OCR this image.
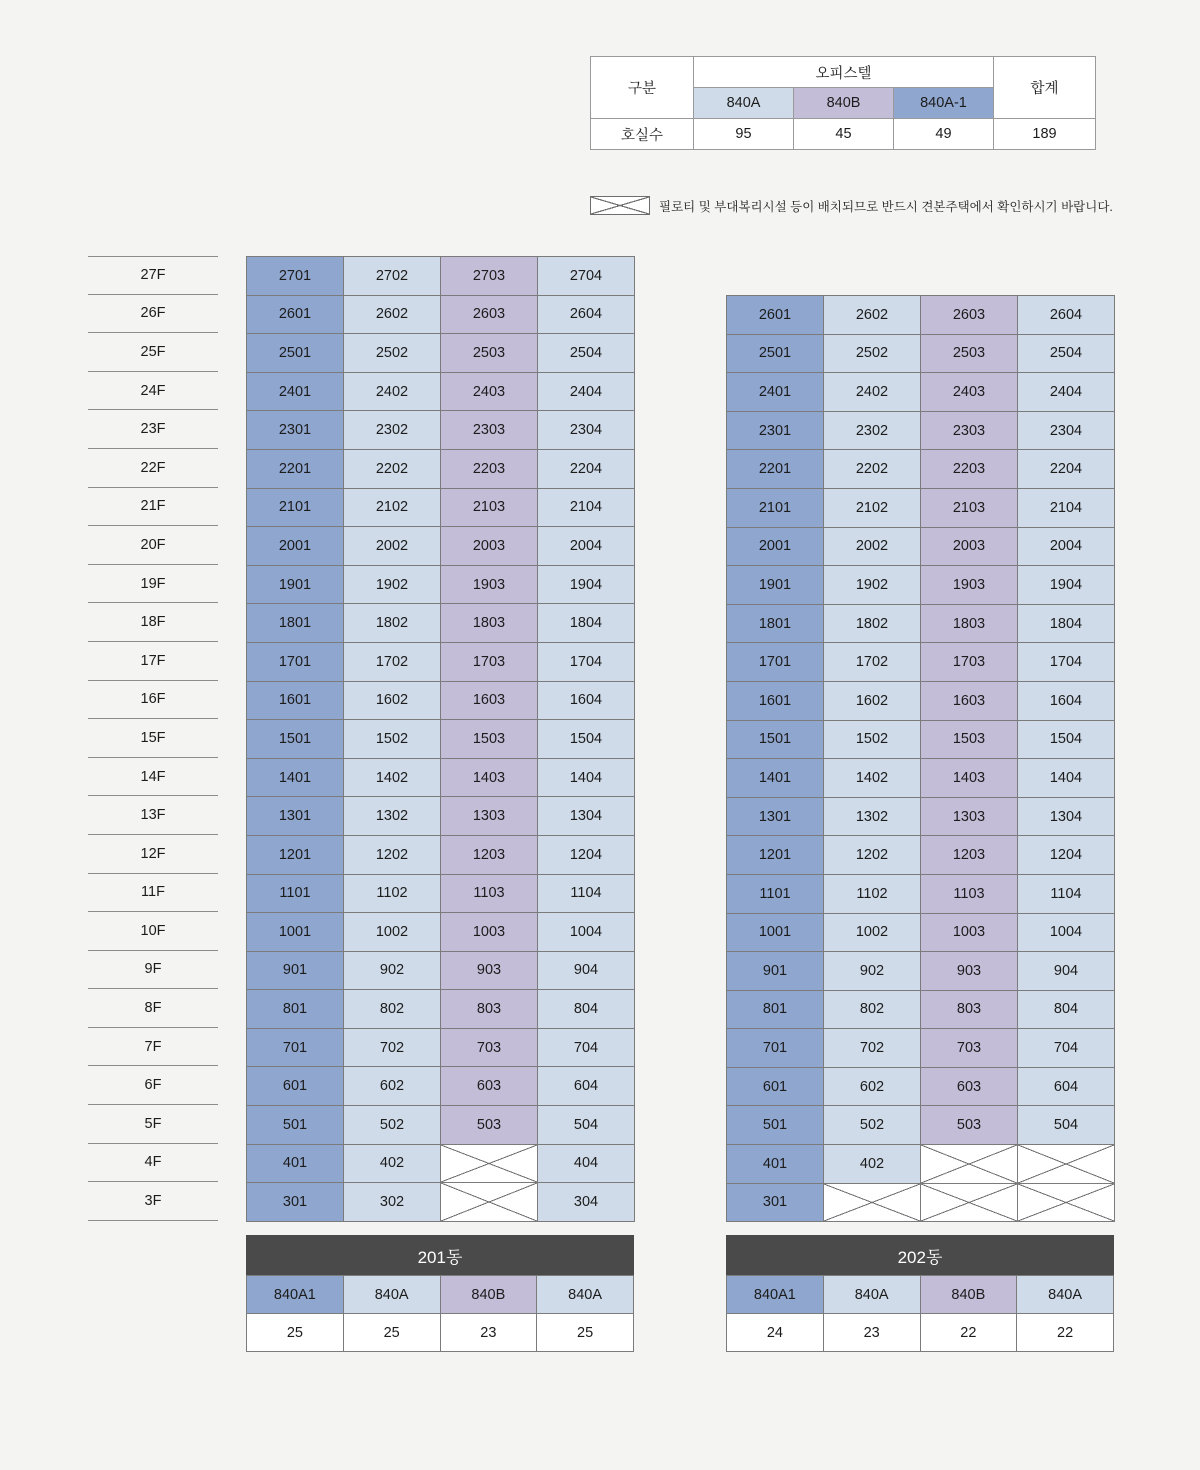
구분	오피스텔			합계
	840A	840B	840A-1	
호실수	95	45	49	189
필로티 및 부대복리시설 등이 배치되므로 반드시 견본주택에서 확인하시기 바랍니다.
27F
26F
25F
24F
23F
22F
21F
20F
19F
18F
17F
16F
15F
14F
13F
12F
11F
10F
9F
8F
7F
6F
5F
4F
3F
2701	2702	2703	2704
2601	2602	2603	2604
2501	2502	2503	2504
2401	2402	2403	2404
2301	2302	2303	2304
2201	2202	2203	2204
2101	2102	2103	2104
2001	2002	2003	2004
1901	1902	1903	1904
1801	1802	1803	1804
1701	1702	1703	1704
1601	1602	1603	1604
1501	1502	1503	1504
1401	1402	1403	1404
1301	1302	1303	1304
1201	1202	1203	1204
1101	1102	1103	1104
1001	1002	1003	1004
901	902	903	904
801	802	803	804
701	702	703	704
601	602	603	604
501	502	503	504
401	402		404
301	302		304
2601	2602	2603	2604
2501	2502	2503	2504
2401	2402	2403	2404
2301	2302	2303	2304
2201	2202	2203	2204
2101	2102	2103	2104
2001	2002	2003	2004
1901	1902	1903	1904
1801	1802	1803	1804
1701	1702	1703	1704
1601	1602	1603	1604
1501	1502	1503	1504
1401	1402	1403	1404
1301	1302	1303	1304
1201	1202	1203	1204
1101	1102	1103	1104
1001	1002	1003	1004
901	902	903	904
801	802	803	804
701	702	703	704
601	602	603	604
501	502	503	504
401	402		
301			
201동
840A1	840A	840B	840A
25	25	23	25
202동
840A1	840A	840B	840A
24	23	22	22
